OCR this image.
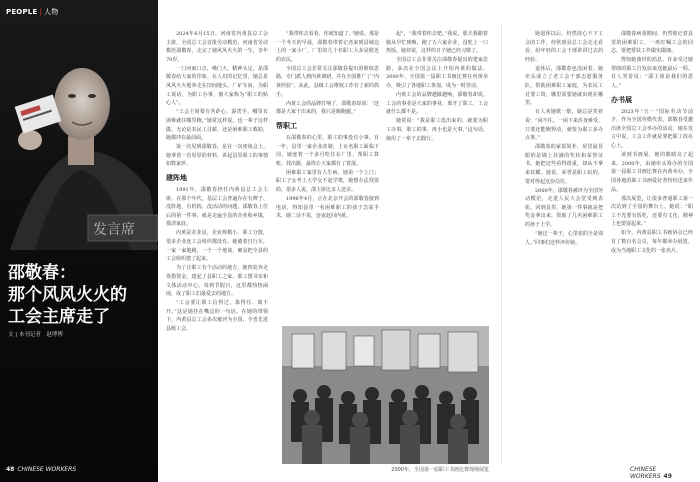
发言席
PEOPLE | 人物
邵敬春：
那个风风火火的
工会主席走了
文 | 本刊记者　赵博博
48 CHINESE WORKERS

2024年6月15日，河南省内黄县总工会主席、全国总工会首批劳动模范、河南省劳动模范邵敬春，走完了她风风火火的一生，享年70岁。

一口河南口音，嗓门大，精神头足，是邵敬春给大家的印象。在人们的记忆里，她总是风风火火地奔走在田间地头、厂矿车间，为职工说话，为职工办事，被大家称为“职工的贴心人”。

“工会主席要有菩萨心、霹雳手，哪里有困难就往哪里跑。”她常这样说，也一辈子这样做。无论是农民工讨薪，还是困难职工救助，她都冲在最前面。

第一次见到邵敬春，是在一次座谈会上。她拿着一沓厚厚的材料，讲起县里职工的事情如数家珍。

建阵地

1991年，邵敬春担任内黄县总工会主席。在那个年代，基层工会普遍存在有牌子、没阵地，有机构、没活动的问题。邵敬春上任后的第一件事，就是走遍全县的企业和乡镇，摸清家底。

内黄是农业县，企业规模小、职工分散，很多企业连工会组织都没有。她骑着自行车，一家一家地跑，一个一个地谈，硬是把全县的工会组织建了起来。

为了让职工有个活动的地方，她四处奔走筹措资金，建起了县职工之家、职工图书室和文体活动中心。每到节假日，这里都热热闹闹，成了职工们最爱去的地方。

“工会要让职工信得过、靠得住、离不开。”这是她挂在嘴边的一句话。在她的带领下，内黄县总工会多次被评为全国、全省先进县级工会。

“我带你去看看，你就知道了。”她说。那是一个冬天的早晨，邵敬春带着记者来到县城边上的一家小厂，厂里的几十名职工大多是附近的农民。

全国总工会非常关注邵敬春提出的维权思路，专门派人到内黄调研，并在全国推广了“内黄经验”。从此，县级工会维权工作有了新的抓手。

内黄工会的品牌打响了，邵敬春却说：“这都是大家干出来的，我只是跑跑腿。”

帮职工

在邵敬春的心里，职工的事没有小事。有一年，县里一家企业改制，上百名职工面临下岗，她连着一个多月吃住在厂里，帮职工算账、找出路，最终让大家都有了着落。

困难职工家里有人生病，她第一个上门；职工子女考上大学交不起学费，她想办法找资助。很多人说，邵主席比亲人还亲。

1996年4月，正在北京开会的邵敬春接到电话，得知县里一名困难职工的孩子急需手术，她二话不说，连夜赶回内黄。

起”，“我带着你去吧。”我说。那天我跟着她从早忙到晚，跑了五六家企业，没吃上一口热饭。她却说，这样的日子她已经习惯了。

全国总工会非常关注邵敬春提出的建家思路，多次在全国会议上介绍内黄的做法。2000年，全国第一届职工书画比赛在内黄举办，吸引了各地职工参加，成为一时佳话。

内黄工会的品牌越做越响，邵敬春却说，工会的事业是大家的事业，离开了职工，工会就什么都不是。

她常说：“我是职工选出来的，就要为职工办事。职工的事，再小也是大事。”这句话，她用了一辈子去践行。

她退休以后，仍然放心不下工会的工作，经常到县总工会走走看看，给年轻的工会干部讲讲过去的经验。

退休后，邵敬春也没闲着。她牵头成立了老工会干部志愿服务队，帮助困难职工家庭，为农民工讨要工资，哪里需要她就出现在哪里。

有人劝她歇一歇，她总是笑着说：“闲不住，一闲下来浑身难受。只要还能跑得动，就要为职工多办点事。”

邵敬春的家很简朴，屋里最显眼的是墙上挂满的奖状和荣誉证书。她把这些看得很重，却从不拿来炫耀。她说，荣誉是职工给的，要对得起这份信任。

2000年，邵敬春被评为全国劳动模范，走进人民大会堂受到表彰。回到县里，她第一件事就是把奖金拿出来，资助了几名困难职工的孩子上学。

“她这一辈子，心里装的全是别人。”同事们这样评价她。

邵敬春病重期间，仍然惦记着县里的困难职工，一再叮嘱工会的同志，要把帮扶工作做实做细。

得知她离世的消息，许多受过她帮助的职工自发前来送她最后一程。有人哭着说：“邵主席是我们的恩人。”

办书展

2023年“五一”国际劳动节前夕，作为全国劳模代表，邵敬春受邀出席全国总工会举办的活动，她在发言中说，工会工作就是要把职工放在心上。

谈到书画展，她的眼睛亮了起来。2000年，由她牵头筹办的全国第一届职工书画比赛在内黄举办，全国各地的职工书画爱好者纷纷送来作品。

那次展览，让很多普通职工第一次站到了全国的舞台上。她说：“职工不光要有饭吃，还要有文化，精神上也要富起来。”

如今，内黄县职工书画协会已经有了数百名会员，每年都举办展览，成为当地职工文化的一张名片。

2000年，全国第一届职工书画比赛现场展览	CHINESE WORKERS 49
